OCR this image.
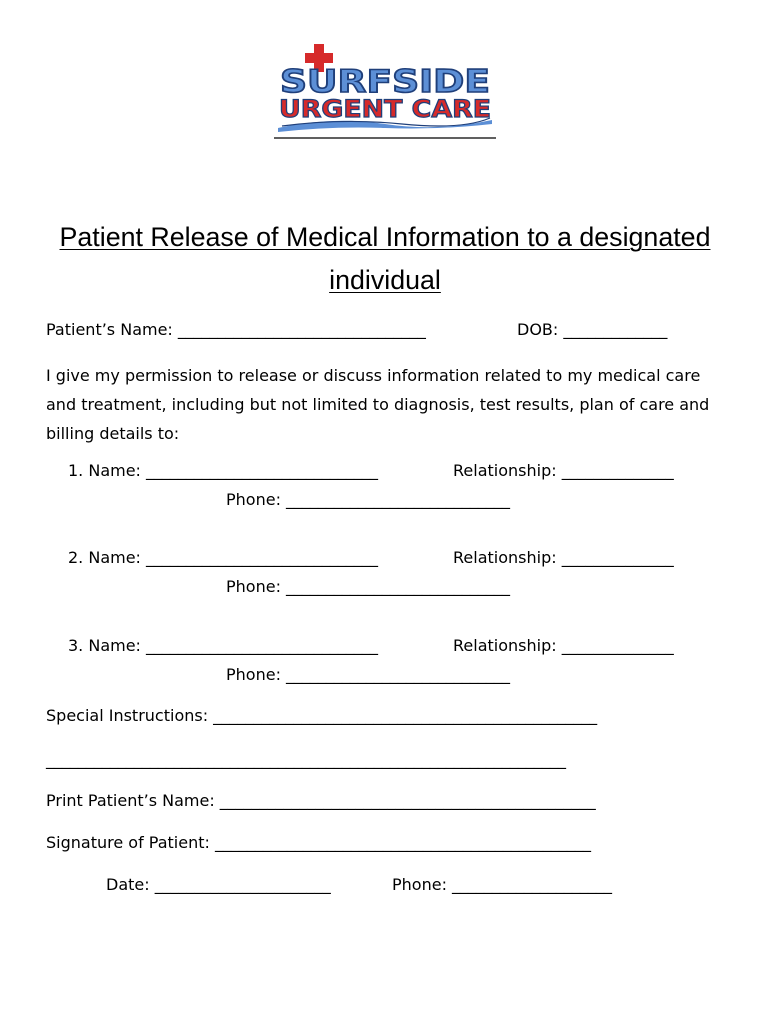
SURFSIDE
URGENT CARE
Patient Release of Medical Information to a designated
individual
Patient’s Name: _______________________________	DOB: _____________
I give my permission to release or discuss information related to my medical care
and treatment, including but not limited to diagnosis, test results, plan of care and
billing details to:
1. Name: _____________________________	Relationship: ______________
Phone: ____________________________
2. Name: _____________________________	Relationship: ______________
Phone: ____________________________
3. Name: _____________________________	Relationship: ______________
Phone: ____________________________
Special Instructions: ________________________________________________
_________________________________________________________________
Print Patient’s Name: _______________________________________________
Signature of Patient: _______________________________________________
Date: ______________________	Phone: ____________________
